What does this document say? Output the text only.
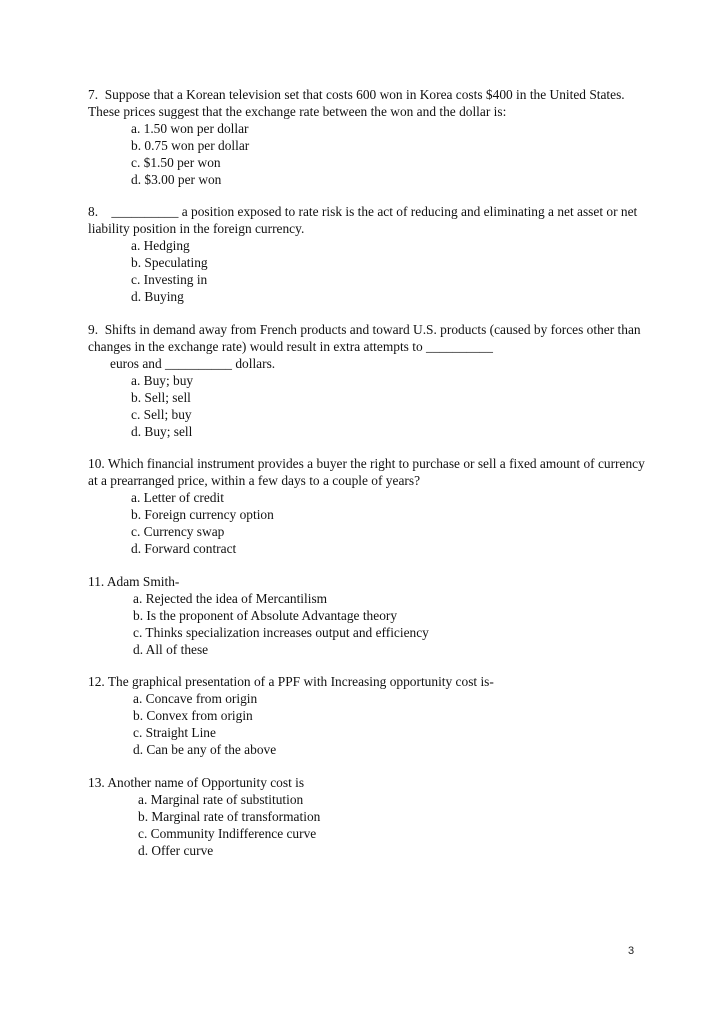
7.  Suppose that a Korean television set that costs 600 won in Korea costs $400 in the United States. These prices suggest that the exchange rate between the won and the dollar is:

a. 1.50 won per dollar
b. 0.75 won per dollar
c. $1.50 per won
d. $3.00 per won

8.    __________ a position exposed to rate risk is the act of reducing and eliminating a net asset or net liability position in the foreign currency.

a. Hedging
b. Speculating
c. Investing in
d. Buying

9.  Shifts in demand away from French products and toward U.S. products (caused by forces other than changes in the exchange rate) would result in extra attempts to __________

euros and __________ dollars.
a. Buy; buy
b. Sell; sell
c. Sell; buy
d. Buy; sell

10. Which financial instrument provides a buyer the right to purchase or sell a fixed amount of currency at a prearranged price, within a few days to a couple of years?

a. Letter of credit
b. Foreign currency option
c. Currency swap
d. Forward contract

11. Adam Smith-

a. Rejected the idea of Mercantilism
b. Is the proponent of Absolute Advantage theory
c. Thinks specialization increases output and efficiency
d. All of these

12. The graphical presentation of a PPF with Increasing opportunity cost is-

a. Concave from origin
b. Convex from origin
c. Straight Line
d. Can be any of the above

13. Another name of Opportunity cost is

a. Marginal rate of substitution
b. Marginal rate of transformation
c. Community Indifference curve
d. Offer curve
3
